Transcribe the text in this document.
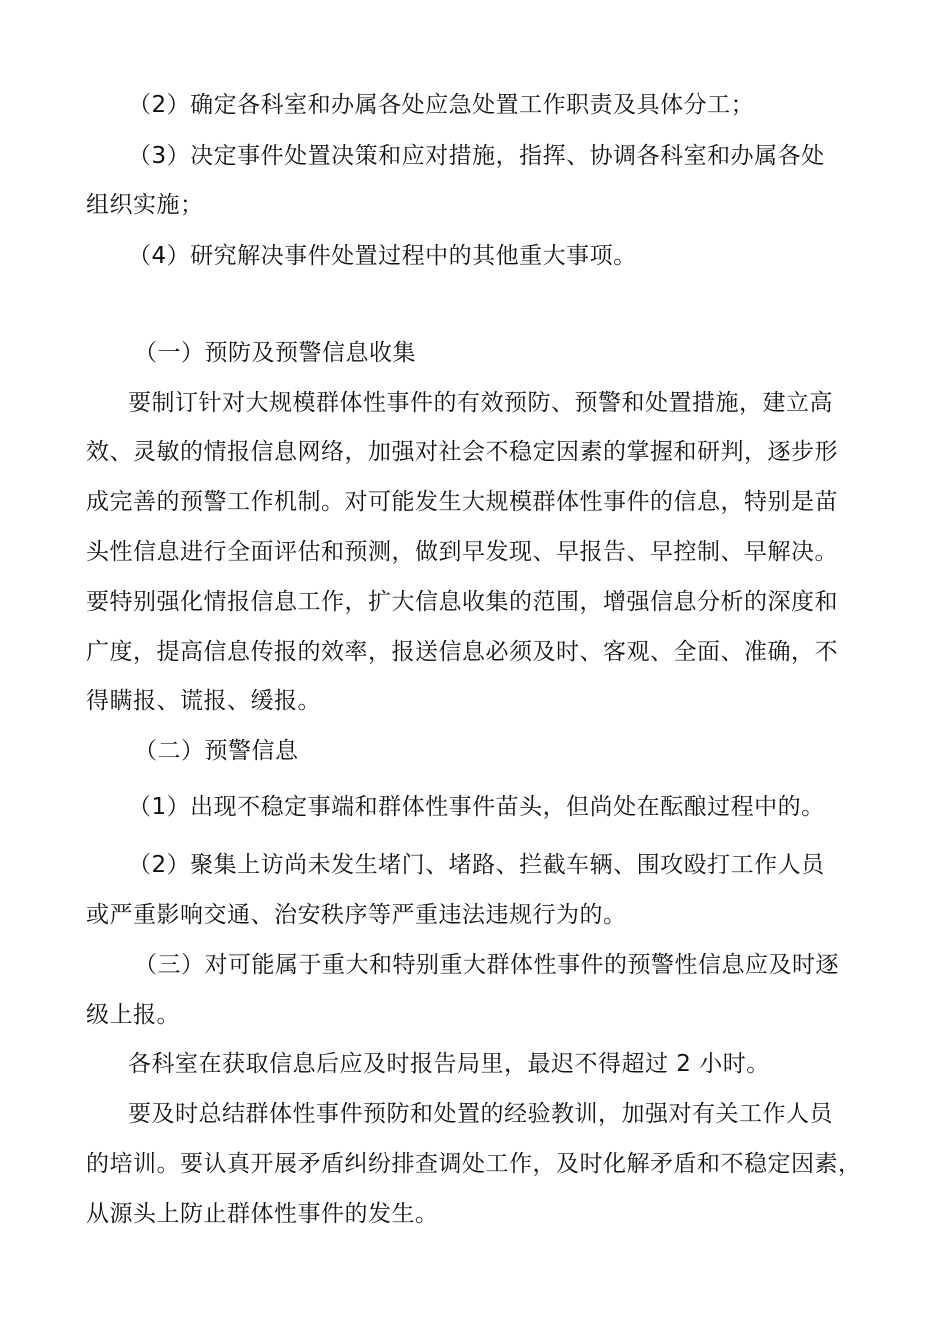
（2）确定各科室和办属各处应急处置工作职责及具体分工；
（3）决定事件处置决策和应对措施，指挥、协调各科室和办属各处
组织实施；
（4）研究解决事件处置过程中的其他重大事项。
（一）预防及预警信息收集
要制订针对大规模群体性事件的有效预防、预警和处置措施，建立高
效、灵敏的情报信息网络，加强对社会不稳定因素的掌握和研判，逐步形
成完善的预警工作机制。对可能发生大规模群体性事件的信息，特别是苗
头性信息进行全面评估和预测，做到早发现、早报告、早控制、早解决。
要特别强化情报信息工作，扩大信息收集的范围，增强信息分析的深度和
广度，提高信息传报的效率，报送信息必须及时、客观、全面、准确，不
得瞒报、谎报、缓报。
（二）预警信息
（1）出现不稳定事端和群体性事件苗头，但尚处在酝酿过程中的。
（2）聚集上访尚未发生堵门、堵路、拦截车辆、围攻殴打工作人员
或严重影响交通、治安秩序等严重违法违规行为的。
（三）对可能属于重大和特别重大群体性事件的预警性信息应及时逐
级上报。
各科室在获取信息后应及时报告局里，最迟不得超过 2 小时。
要及时总结群体性事件预防和处置的经验教训，加强对有关工作人员
的培训。要认真开展矛盾纠纷排查调处工作，及时化解矛盾和不稳定因素，
从源头上防止群体性事件的发生。
